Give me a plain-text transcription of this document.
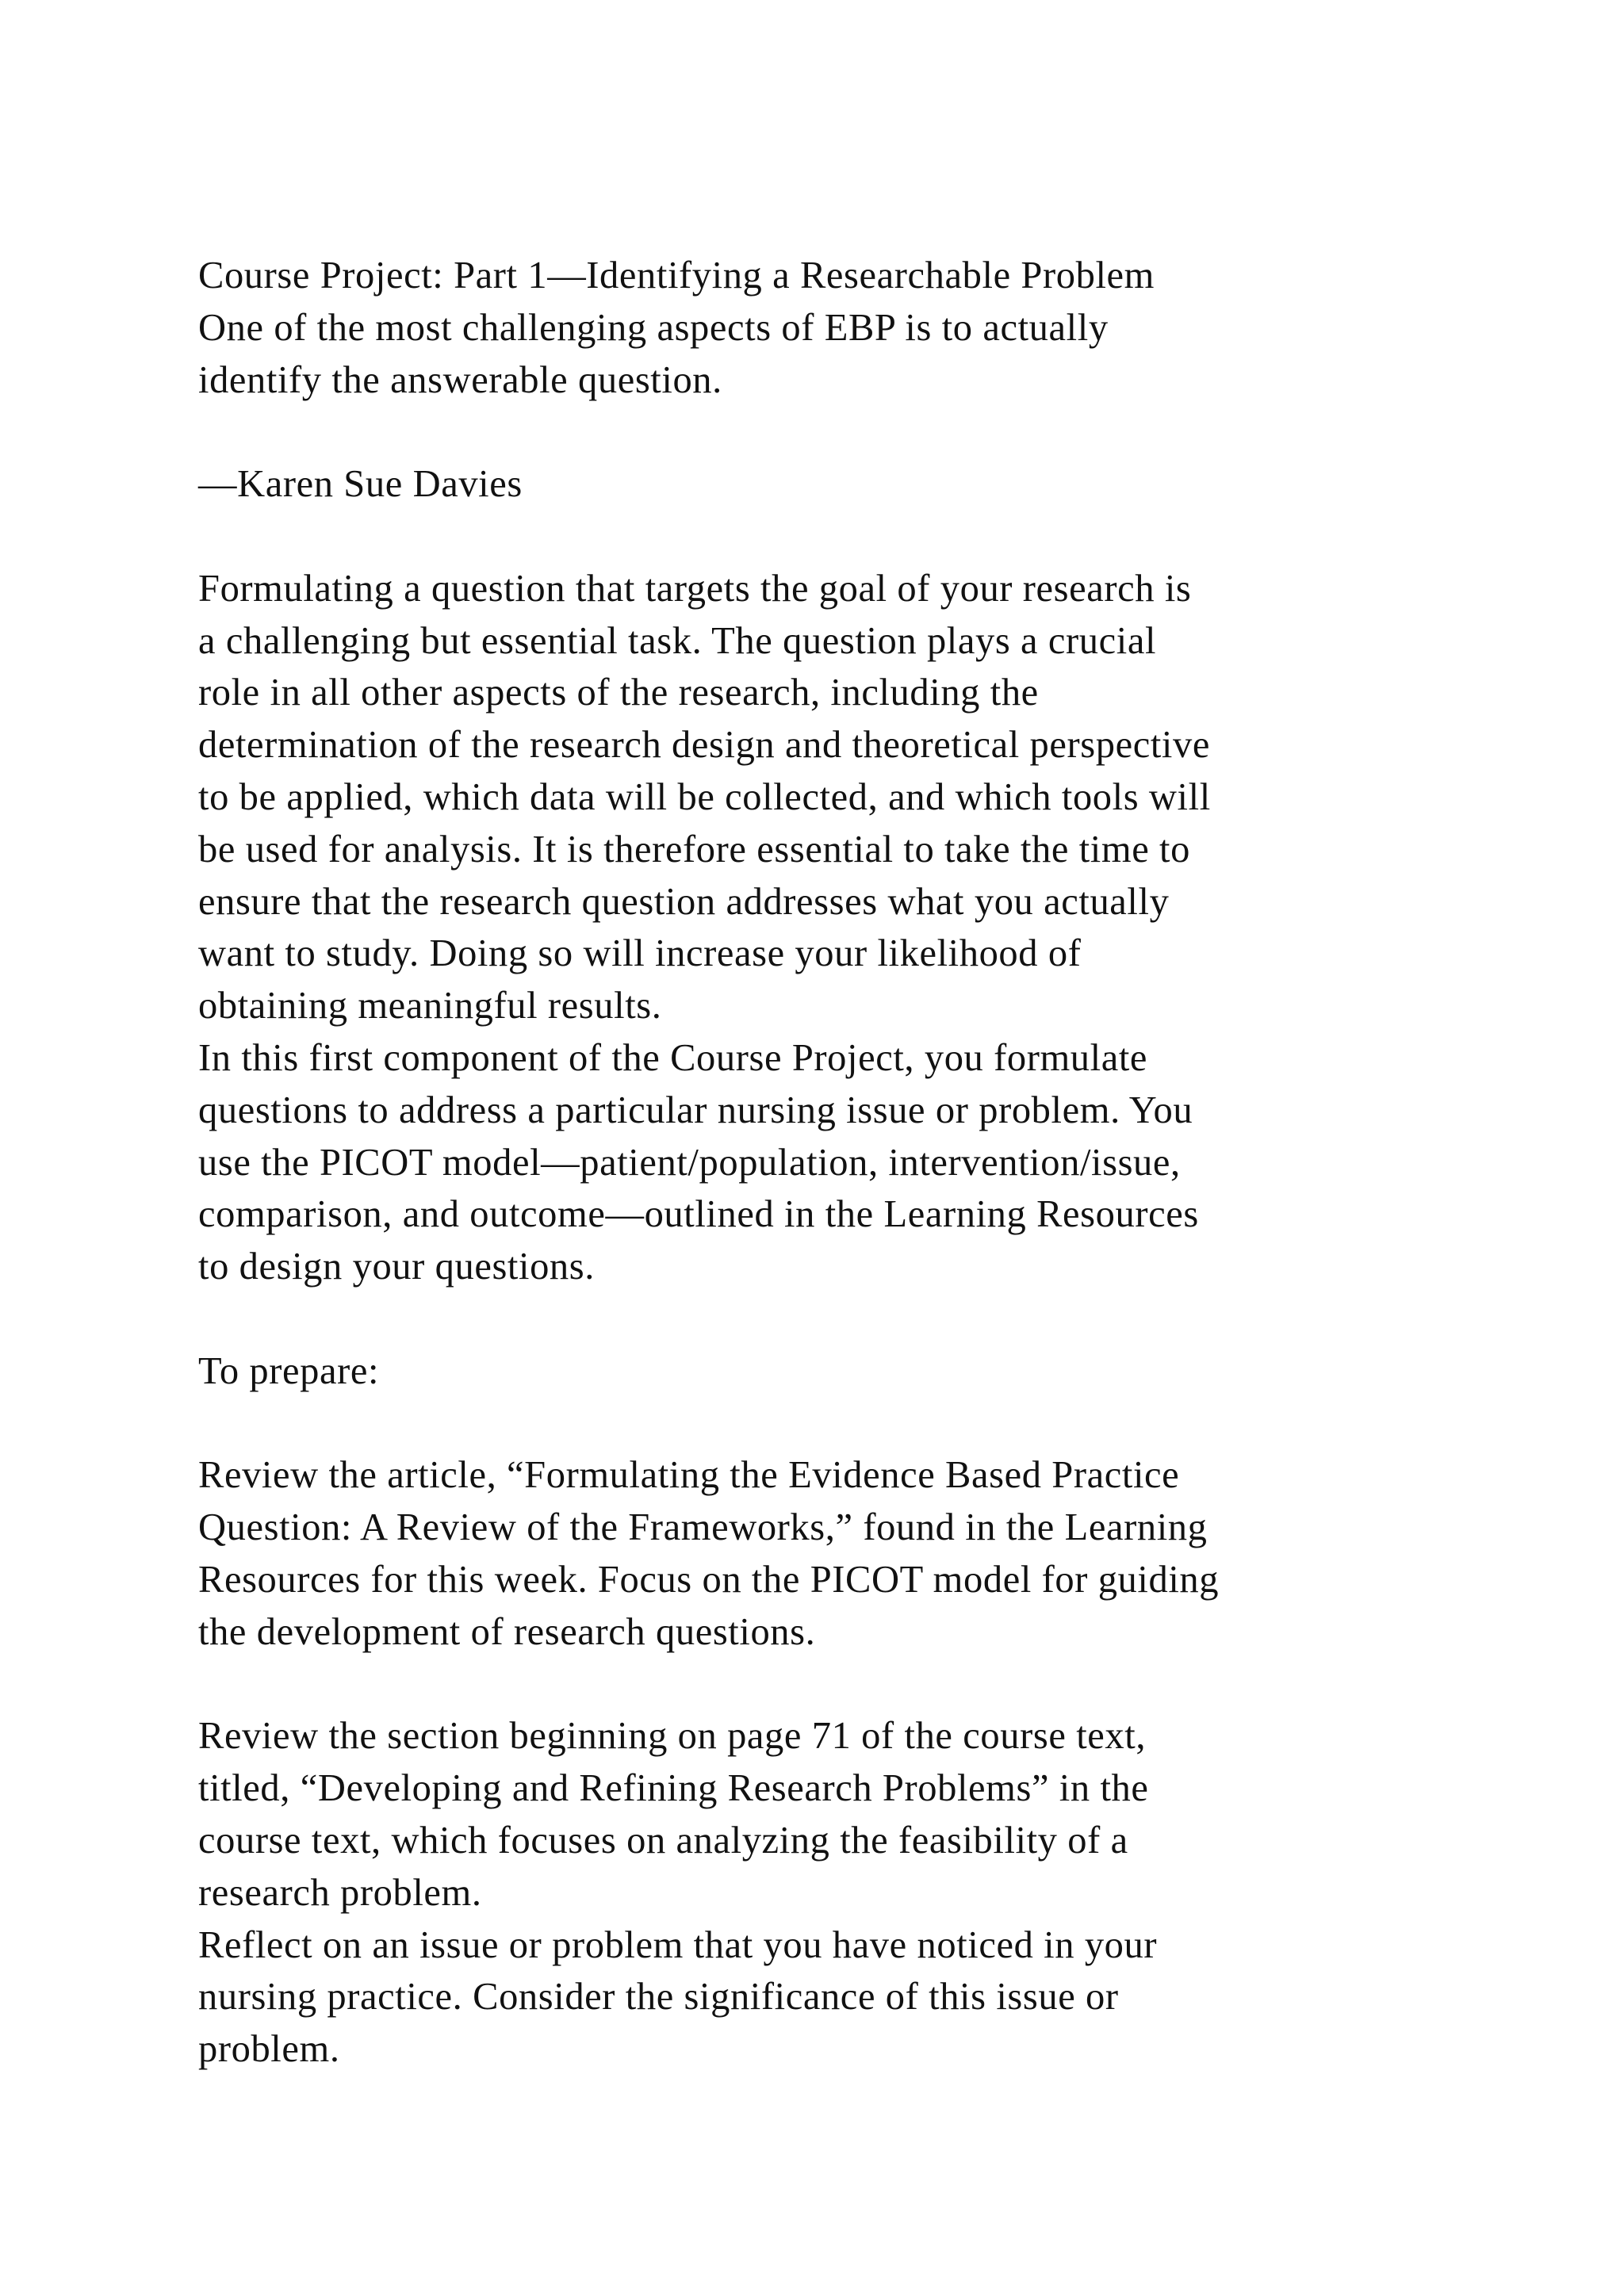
Course Project: Part 1—Identifying a Researchable Problem
One of the most challenging aspects of EBP is to actually
identify the answerable question.
—Karen Sue Davies
Formulating a question that targets the goal of your research is
a challenging but essential task. The question plays a crucial
role in all other aspects of the research, including the
determination of the research design and theoretical perspective
to be applied, which data will be collected, and which tools will
be used for analysis. It is therefore essential to take the time to
ensure that the research question addresses what you actually
want to study. Doing so will increase your likelihood of
obtaining meaningful results.
In this first component of the Course Project, you formulate
questions to address a particular nursing issue or problem. You
use the PICOT model—patient/population, intervention/issue,
comparison, and outcome—outlined in the Learning Resources
to design your questions.
To prepare:
Review the article, “Formulating the Evidence Based Practice
Question: A Review of the Frameworks,” found in the Learning
Resources for this week. Focus on the PICOT model for guiding
the development of research questions.
Review the section beginning on page 71 of the course text,
titled, “Developing and Refining Research Problems” in the
course text, which focuses on analyzing the feasibility of a
research problem.
Reflect on an issue or problem that you have noticed in your
nursing practice. Consider the significance of this issue or
problem.
